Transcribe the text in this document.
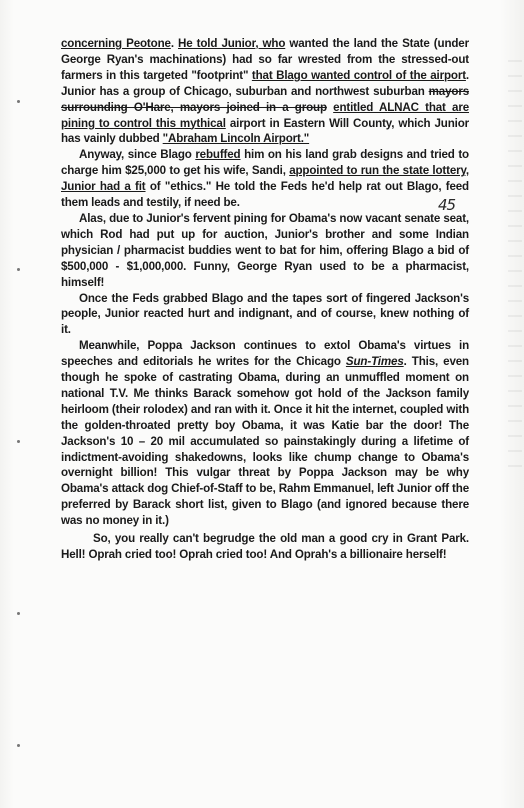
45

concerning Peotone. He told Junior, who wanted the land the State (under George Ryan's machinations) had so far wrested from the stressed-out farmers in this targeted "footprint" that Blago wanted control of the airport. Junior has a group of Chicago, suburban and northwest suburban mayors surrounding O'Hare, mayors joined in a group entitled ALNAC that are pining to control this mythical airport in Eastern Will County, which Junior has vainly dubbed "Abraham Lincoln Airport."

Anyway, since Blago rebuffed him on his land grab designs and tried to charge him $25,000 to get his wife, Sandi, appointed to run the state lottery, Junior had a fit of "ethics." He told the Feds he'd help rat out Blago, feed them leads and testily, if need be.

Alas, due to Junior's fervent pining for Obama's now vacant senate seat, which Rod had put up for auction, Junior's brother and some Indian physician / pharmacist buddies went to bat for him, offering Blago a bid of $500,000 - $1,000,000. Funny, George Ryan used to be a pharmacist, himself!

Once the Feds grabbed Blago and the tapes sort of fingered Jackson's people, Junior reacted hurt and indignant, and of course, knew nothing of it.

Meanwhile, Poppa Jackson continues to extol Obama's virtues in speeches and editorials he writes for the Chicago Sun-Times. This, even though he spoke of castrating Obama, during an unmuffled moment on national T.V. Me thinks Barack somehow got hold of the Jackson family heirloom (their rolodex) and ran with it. Once it hit the internet, coupled with the golden-throated pretty boy Obama, it was Katie bar the door! The Jackson's 10 – 20 mil accumulated so painstakingly during a lifetime of indictment-avoiding shakedowns, looks like chump change to Obama's overnight billion! This vulgar threat by Poppa Jackson may be why Obama's attack dog Chief-of-Staff to be, Rahm Emmanuel, left Junior off the preferred by Barack short list, given to Blago (and ignored because there was no money in it.)

So, you really can't begrudge the old man a good cry in Grant Park. Hell! Oprah cried too! Oprah cried too! And Oprah's a billionaire herself!
